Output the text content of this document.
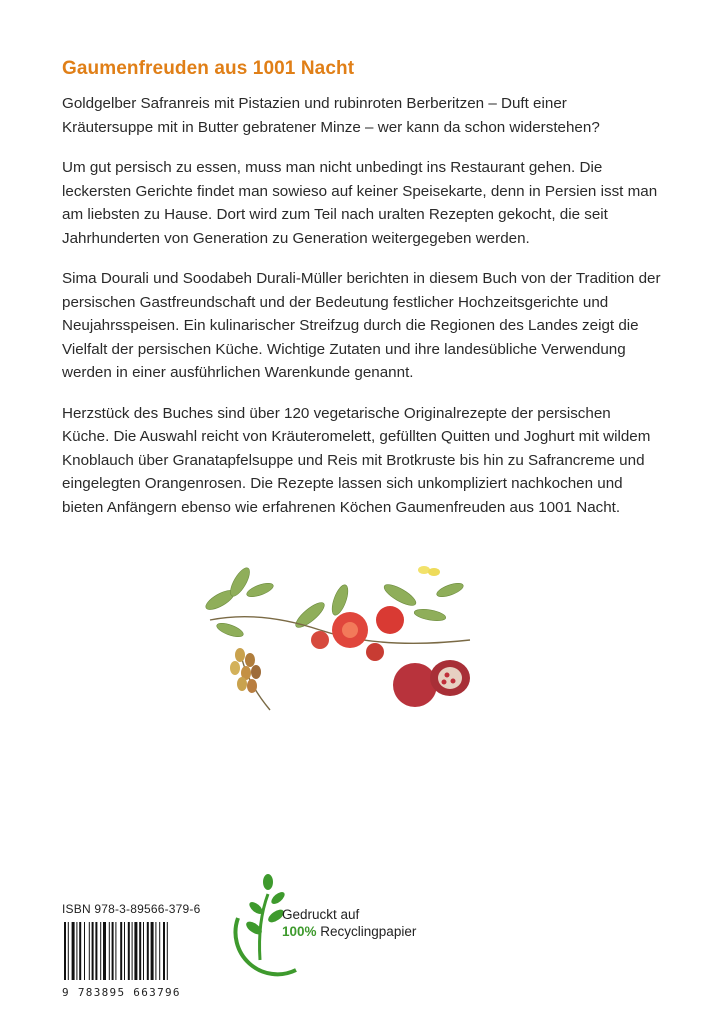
Gaumenfreuden aus 1001 Nacht

Goldgelber Safranreis mit Pistazien und rubinroten Berberitzen – Duft einer Kräutersuppe mit in Butter gebratener Minze – wer kann da schon widerstehen?

Um gut persisch zu essen, muss man nicht unbedingt ins Restaurant gehen. Die leckersten Gerichte findet man sowieso auf keiner Speisekarte, denn in Persien isst man am liebsten zu Hause. Dort wird zum Teil nach uralten Rezepten gekocht, die seit Jahrhunderten von Generation zu Generation weitergegeben werden.

Sima Dourali und Soodabeh Durali-Müller berichten in diesem Buch von der Tradition der persischen Gastfreundschaft und der Bedeutung festlicher Hochzeitsgerichte und Neujahrsspeisen. Ein kulinarischer Streifzug durch die Regionen des Landes zeigt die Vielfalt der persischen Küche. Wichtige Zutaten und ihre landesübliche Verwendung werden in einer ausführlichen Warenkunde genannt.

Herzstück des Buches sind über 120 vegetarische Originalrezepte der persischen Küche. Die Auswahl reicht von Kräuteromelett, gefüllten Quitten und Joghurt mit wildem Knoblauch über Granatapfelsuppe und Reis mit Brotkruste bis hin zu Safrancreme und eingelegten Orangenrosen. Die Rezepte lassen sich unkompliziert nachkochen und bieten Anfängern ebenso wie erfahrenen Köchen Gaumenfreuden aus 1001 Nacht.

ISBN 978-3-89566-379-6
9 783895 663796
Gedruckt auf
100% Recyclingpapier
